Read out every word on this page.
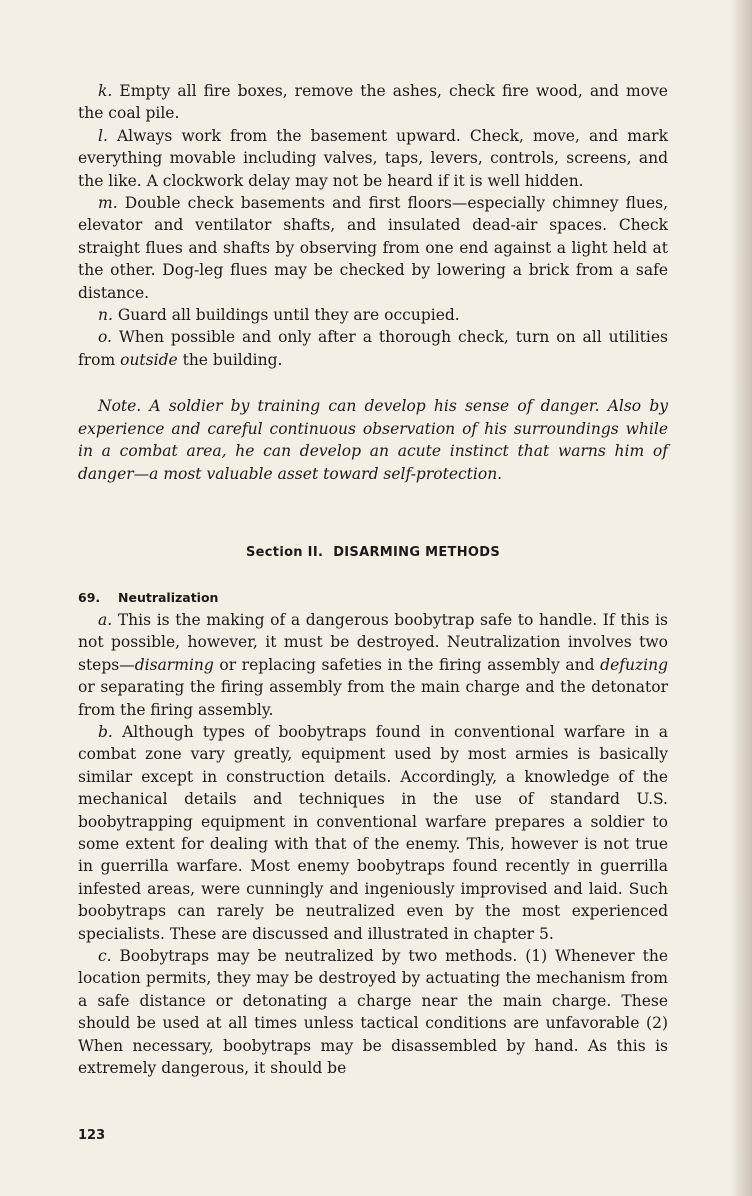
k. Empty all fire boxes, remove the ashes, check fire wood, and move the coal pile.

l. Always work from the basement upward. Check, move, and mark everything movable including valves, taps, levers, controls, screens, and the like. A clockwork delay may not be heard if it is well hidden.

m. Double check basements and first floors—especially chimney flues, elevator and ventilator shafts, and insulated dead-air spaces. Check straight flues and shafts by observing from one end against a light held at the other. Dog-leg flues may be checked by lowering a brick from a safe distance.

n. Guard all buildings until they are occupied.

o. When possible and only after a thorough check, turn on all utilities from outside the building.

Note. A soldier by training can develop his sense of danger. Also by experience and careful continuous observation of his surroundings while in a combat area, he can develop an acute instinct that warns him of danger—a most valuable asset toward self-protection.

Section II. DISARMING METHODS
69. Neutralization

a. This is the making of a dangerous boobytrap safe to handle. If this is not possible, however, it must be destroyed. Neutralization involves two steps—disarming or replacing safeties in the firing assembly and defuzing or separating the firing assembly from the main charge and the detonator from the firing assembly.

b. Although types of boobytraps found in conventional warfare in a combat zone vary greatly, equipment used by most armies is basically similar except in construction details. Accordingly, a knowledge of the mechanical details and techniques in the use of standard U.S. boobytrapping equipment in conventional warfare prepares a soldier to some extent for dealing with that of the enemy. This, however is not true in guerrilla warfare. Most enemy boobytraps found recently in guerrilla infested areas, were cunningly and ingeniously improvised and laid. Such boobytraps can rarely be neutralized even by the most experienced specialists. These are discussed and illustrated in chapter 5.

c. Boobytraps may be neutralized by two methods. (1) Whenever the location permits, they may be destroyed by actuating the mechanism from a safe distance or detonating a charge near the main charge. These should be used at all times unless tactical conditions are unfavorable (2) When necessary, boobytraps may be disassembled by hand. As this is extremely dangerous, it should be

123
